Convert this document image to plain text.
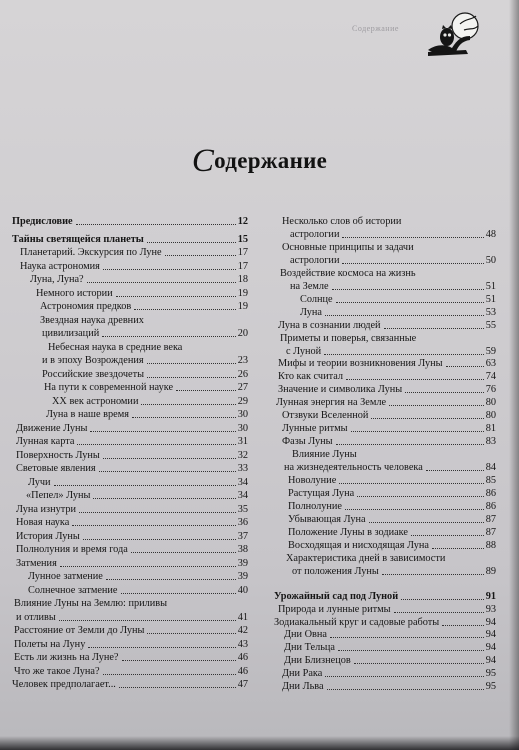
Содержание
Содержание
Предисловие	12
Тайны светящейся планеты	15
Планетарий. Экскурсия по Луне	17
Наука астрономия	17
Луна, Луна?	18
Немного истории	19
Астрономия предков	19
Звездная наука древних
цивилизаций	20
Небесная наука в средние века
и в эпоху Возрождения	23
Российские звездочеты	26
На пути к современной науке	27
XX век астрономии	29
Луна в наше время	30
Движение Луны	30
Лунная карта	31
Поверхность Луны	32
Световые явления	33
Лучи	34
«Пепел» Луны	34
Луна изнутри	35
Новая наука	36
История Луны	37
Полнолуния и время года	38
Затмения	39
Лунное затмение	39
Солнечное затмение	40
Влияние Луны на Землю: приливы
и отливы	41
Расстояние от Земли до Луны	42
Полеты на Луну	43
Есть ли жизнь на Луне?	46
Что же такое Луна?	46
Человек предполагает...	47
Несколько слов об истории
астрологии	48
Основные принципы и задачи
астрологии	50
Воздействие космоса на жизнь
на Земле	51
Солнце	51
Луна	53
Луна в сознании людей	55
Приметы и поверья, связанные
с Луной	59
Мифы и теории возникновения Луны	63
Кто как считал	74
Значение и символика Луны	76
Лунная энергия на Земле	80
Отзвуки Вселенной	80
Лунные ритмы	81
Фазы Луны	83
Влияние Луны
на жизнедеятельность человека	84
Новолуние	85
Растущая Луна	86
Полнолуние	86
Убывающая Луна	87
Положение Луны в зодиаке	87
Восходящая и нисходящая Луна	88
Характеристика дней в зависимости
от положения Луны	89
Урожайный сад под Луной	91
Природа и лунные ритмы	93
Зодиакальный круг и садовые работы	94
Дни Овна	94
Дни Тельца	94
Дни Близнецов	94
Дни Рака	95
Дни Льва	95
